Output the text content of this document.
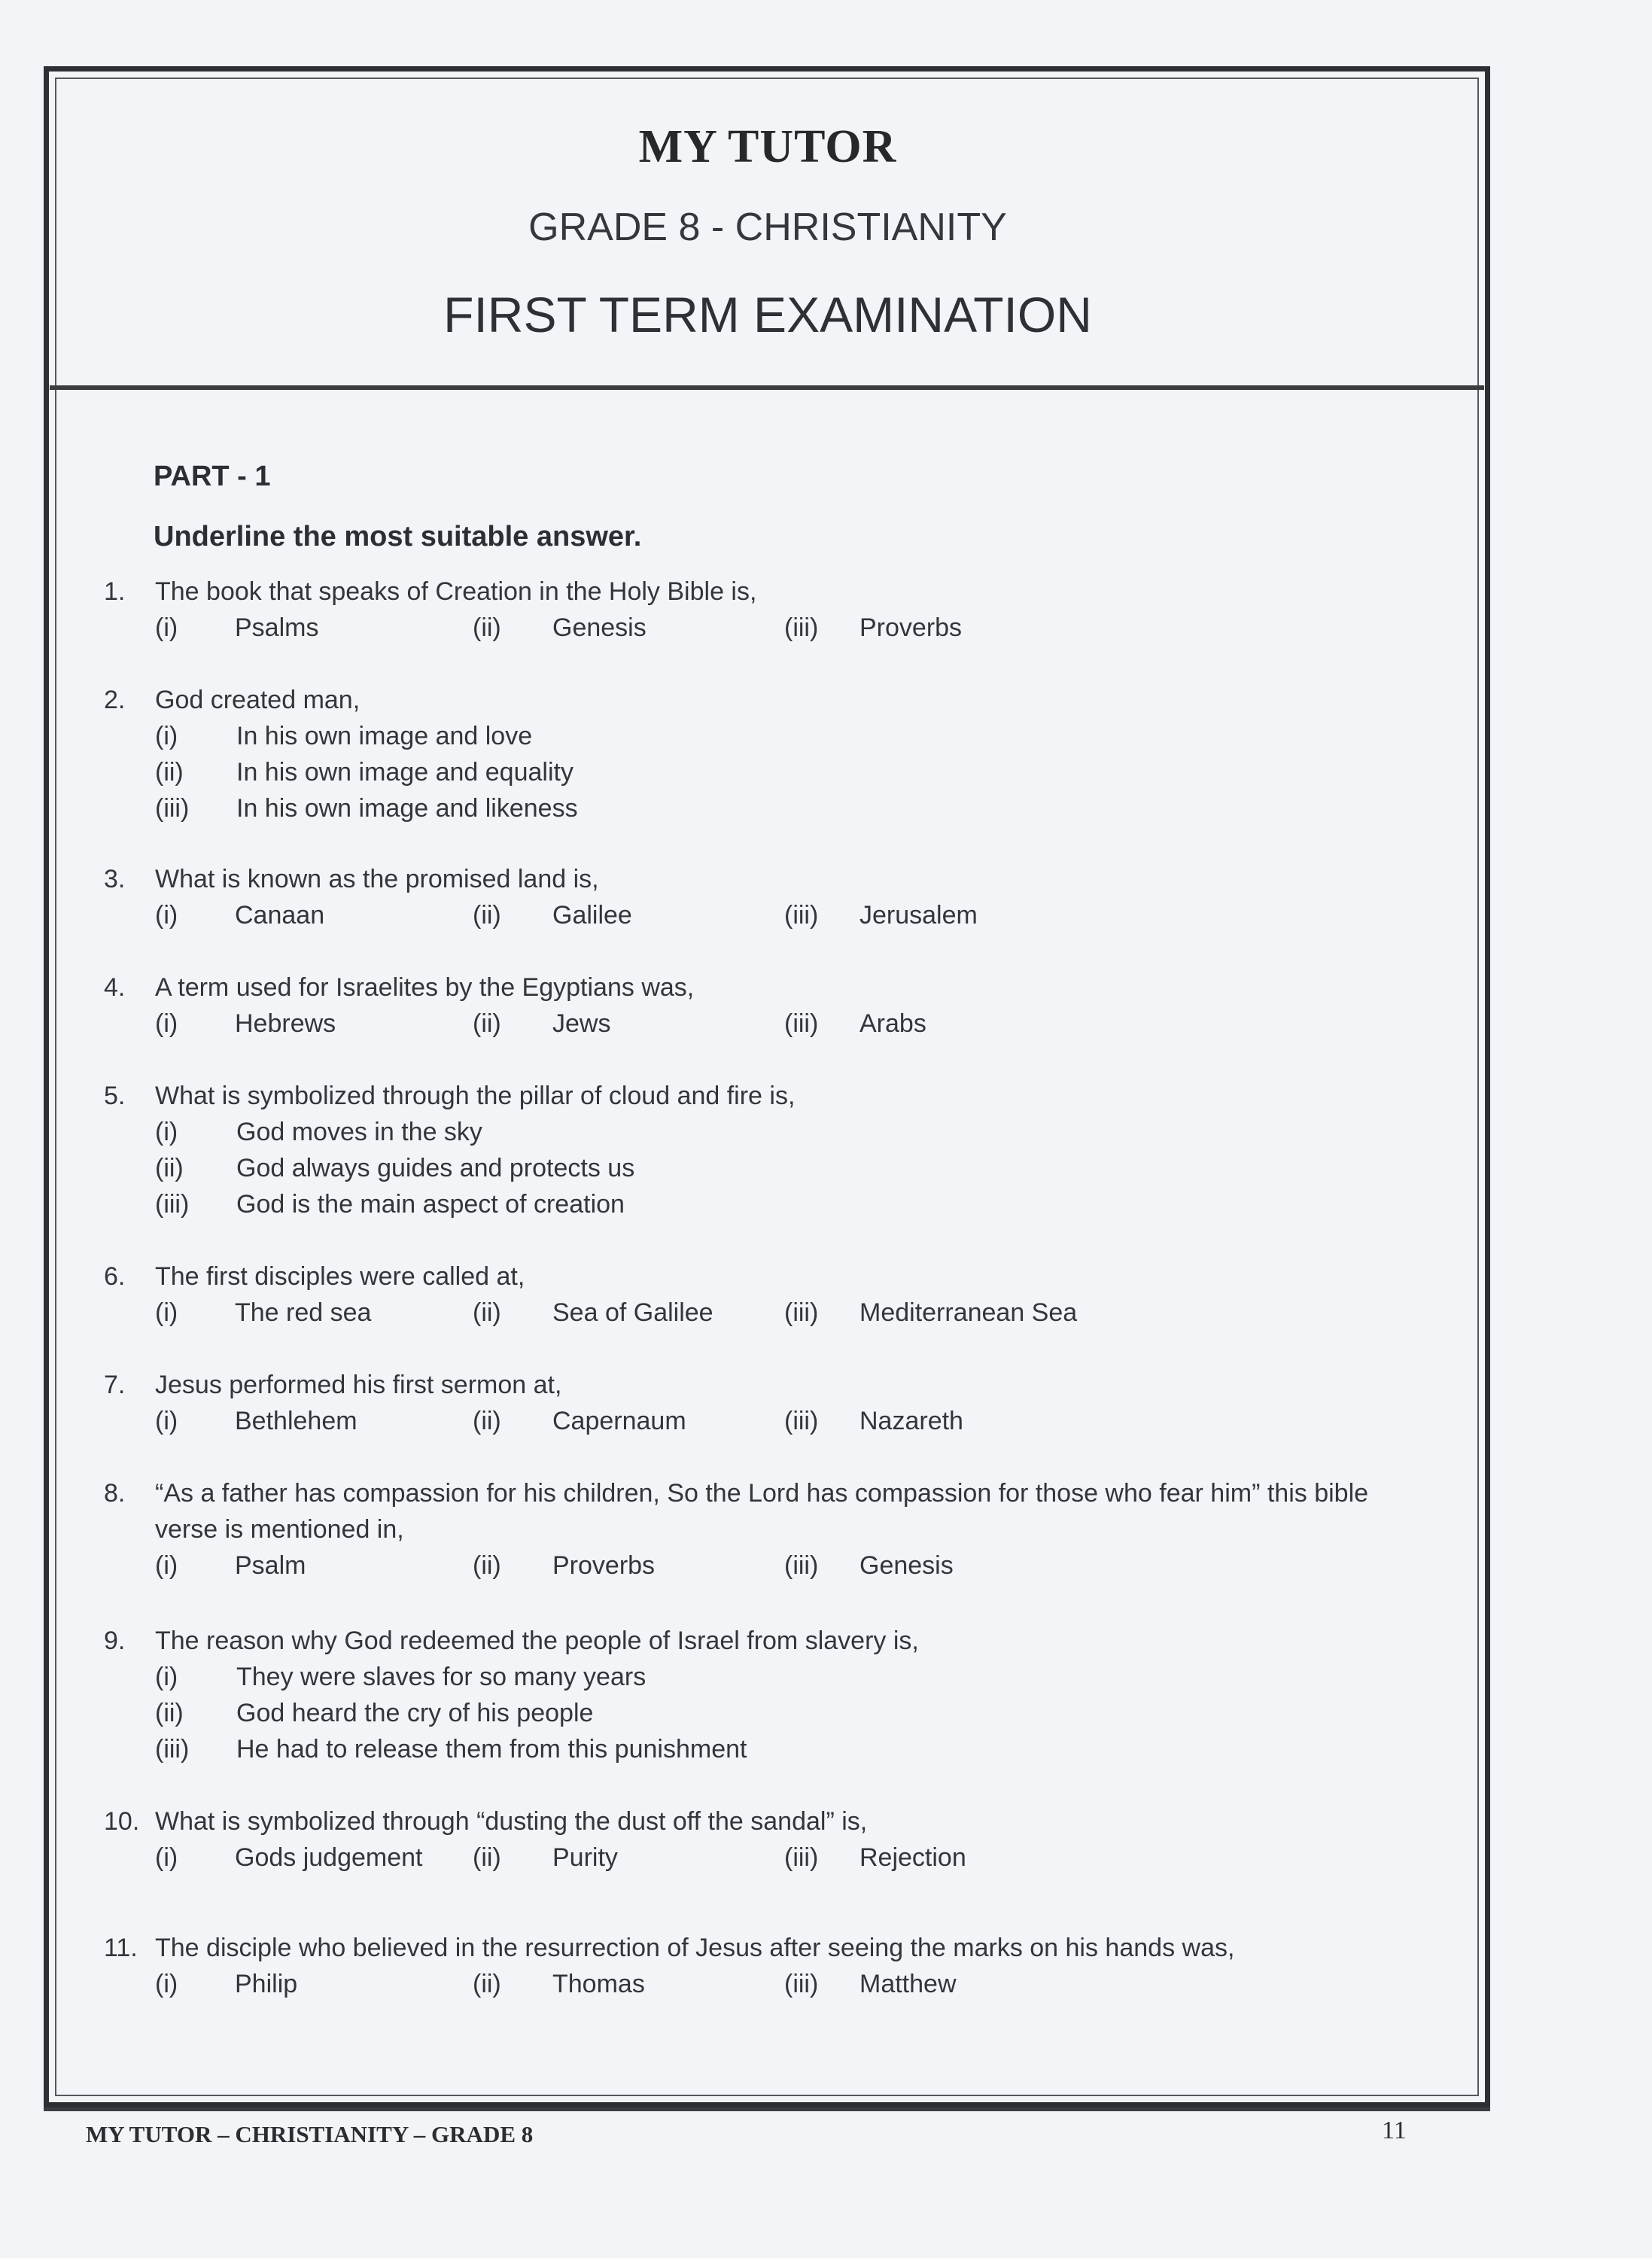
MY TUTOR
GRADE 8 - CHRISTIANITY
FIRST TERM EXAMINATION
PART - 1
Underline the most suitable answer.
1.	The book that speaks of Creation in the Holy Bible is,
(i) Psalms	(ii) Genesis	(iii) Proverbs
2.	God created man,
(i) In his own image and love
(ii) In his own image and equality
(iii) In his own image and likeness
3.	What is known as the promised land is,
(i) Canaan	(ii) Galilee	(iii) Jerusalem
4.	A term used for Israelites by the Egyptians was,
(i) Hebrews	(ii) Jews	(iii) Arabs
5.	What is symbolized through the pillar of cloud and fire is,
(i) God moves in the sky
(ii) God always guides and protects us
(iii) God is the main aspect of creation
6.	The first disciples were called at,
(i) The red sea	(ii) Sea of Galilee	(iii) Mediterranean Sea
7.	Jesus performed his first sermon at,
(i) Bethlehem	(ii) Capernaum	(iii) Nazareth
8.	“As a father has compassion for his children, So the Lord has compassion for those who fear him” this bible
verse is mentioned in,
(i) Psalm	(ii) Proverbs	(iii) Genesis
9.	The reason why God redeemed the people of Israel from slavery is,
(i) They were slaves for so many years
(ii) God heard the cry of his people
(iii) He had to release them from this punishment
10. What is symbolized through “dusting the dust off the sandal” is,
(i) Gods judgement (ii) Purity	(iii) Rejection
11. The disciple who believed in the resurrection of Jesus after seeing the marks on his hands was,
(i) Philip	(ii) Thomas	(iii) Matthew
MY TUTOR – CHRISTIANITY – GRADE 8	11
